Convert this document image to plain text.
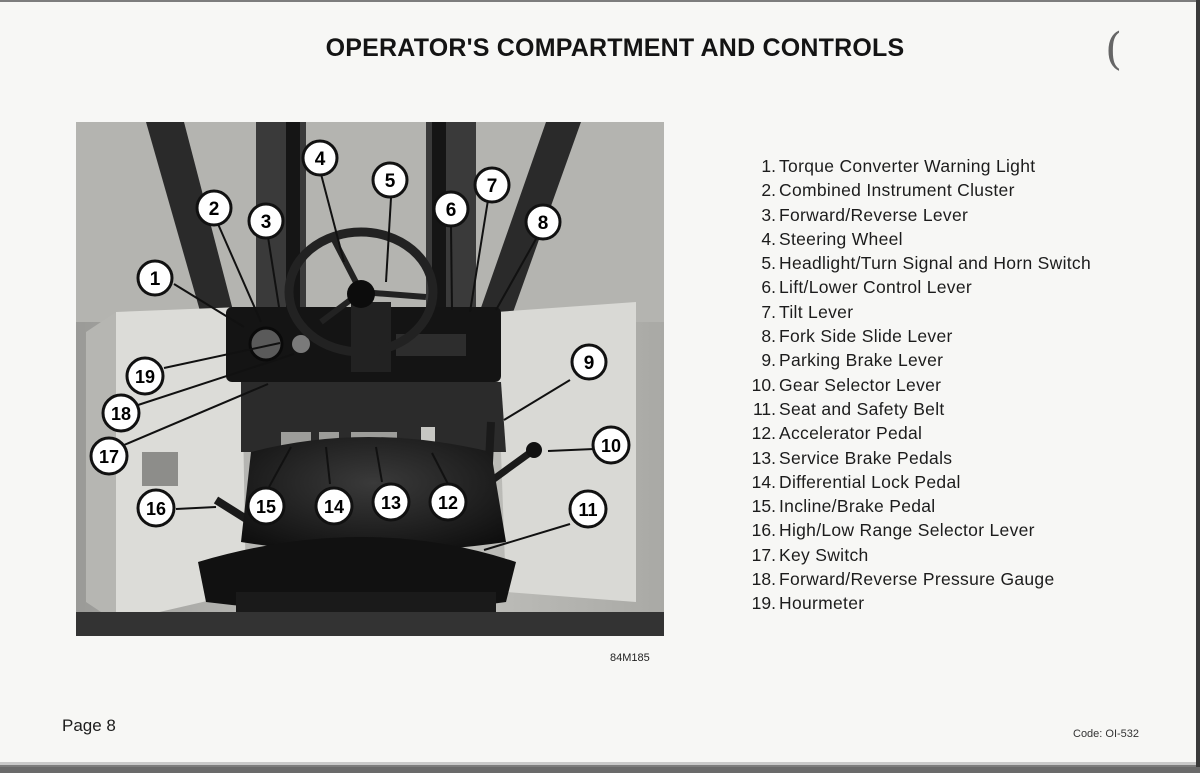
OPERATOR'S COMPARTMENT AND CONTROLS	(
1
2
3
4
5
6
7
8
9
10
11
12
13
14
15
16
17
18
19
84M185
1. Torque Converter Warning Light
2. Combined Instrument Cluster
3. Forward/Reverse Lever
4. Steering Wheel
5. Headlight/Turn Signal and Horn Switch
6. Lift/Lower Control Lever
7. Tilt Lever
8. Fork Side Slide Lever
9. Parking Brake Lever
10. Gear Selector Lever
11. Seat and Safety Belt
12. Accelerator Pedal
13. Service Brake Pedals
14. Differential Lock Pedal
15. Incline/Brake Pedal
16. High/Low Range Selector Lever
17. Key Switch
18. Forward/Reverse Pressure Gauge
19. Hourmeter
Page 8	Code: OI-532
